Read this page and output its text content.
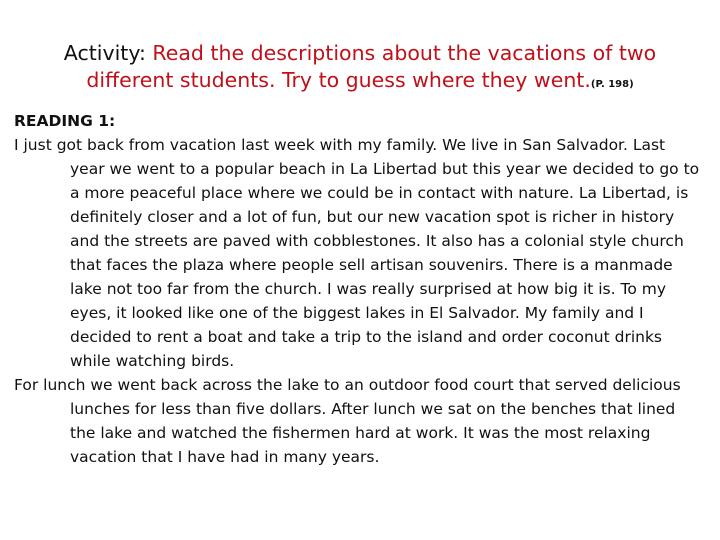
Activity: Read the descriptions about the vacations of two different students. Try to guess where they went.(P. 198)

READING 1:

I just got back from vacation last week with my family. We live in San Salvador. Last year we went to a popular beach in La Libertad but this year we decided to go to a more peaceful place where we could be in contact with nature. La Libertad, is definitely closer and a lot of fun, but our new vacation spot is richer in history and the streets are paved with cobblestones. It also has a colonial style church that faces the plaza where people sell artisan souvenirs. There is a manmade lake not too far from the church. I was really surprised at how big it is. To my eyes, it looked like one of the biggest lakes in El Salvador. My family and I decided to rent a boat and take a trip to the island and order coconut drinks while watching birds.

For lunch we went back across the lake to an outdoor food court that served delicious lunches for less than five dollars. After lunch we sat on the benches that lined the lake and watched the fishermen hard at work. It was the most relaxing vacation that I have had in many years.
